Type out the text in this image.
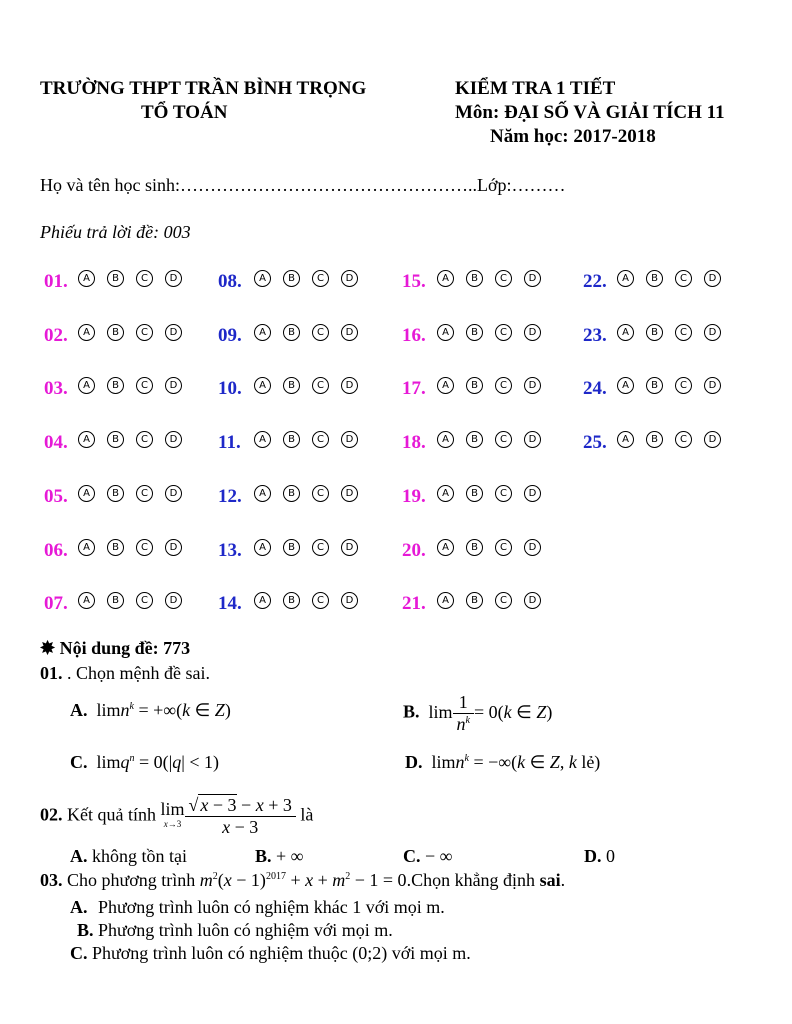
TRƯỜNG THPT TRẦN BÌNH TRỌNG
TỔ TOÁN
KIỂM TRA 1 TIẾT
Môn: ĐẠI SỐ VÀ GIẢI TÍCH 11
Năm học: 2017-2018
Họ và tên học sinh:…………………………………………..Lớp:………
Phiếu trả lời đề: 003
01.	A	B	C	D
02.	A	B	C	D
03.	A	B	C	D
04.	A	B	C	D
05.	A	B	C	D
06.	A	B	C	D
07.	A	B	C	D
08.	A	B	C	D
09.	A	B	C	D
10.	A	B	C	D
11.	A	B	C	D
12.	A	B	C	D
13.	A	B	C	D
14.	A	B	C	D
15.	A	B	C	D
16.	A	B	C	D
17.	A	B	C	D
18.	A	B	C	D
19.	A	B	C	D
20.	A	B	C	D
21.	A	B	C	D
22.	A	B	C	D
23.	A	B	C	D
24.	A	B	C	D
25.	A	B	C	D
✸ Nội dung đề: 773
01. . Chọn mệnh đề sai.
A.  limn$^k$ = +∞(k ∈ Z)	B.  $\lim \frac{1}{n^k} = 0(k$ ∈ Z)
C.  limq$^n$ = 0(|q| < 1)	D.  limn$^k$ = −∞(k ∈ Z, k lẻ)
02. Kết quả tính lim
$x\to 3 \frac{√ x - 3 - x + 3}{x - 3}$ là
A. không tồn tại	B. + ∞	C. − ∞	D. 0
03. Cho phương trình $m^2(x - 1)^{2017} + x + m^2 - 1$ = 0.Chọn khẳng định sai.
A. Phương trình luôn có nghiệm khác 1 với mọi m.
B. Phương trình luôn có nghiệm với mọi m.
C. Phương trình luôn có nghiệm thuộc (0;2) với mọi m.
